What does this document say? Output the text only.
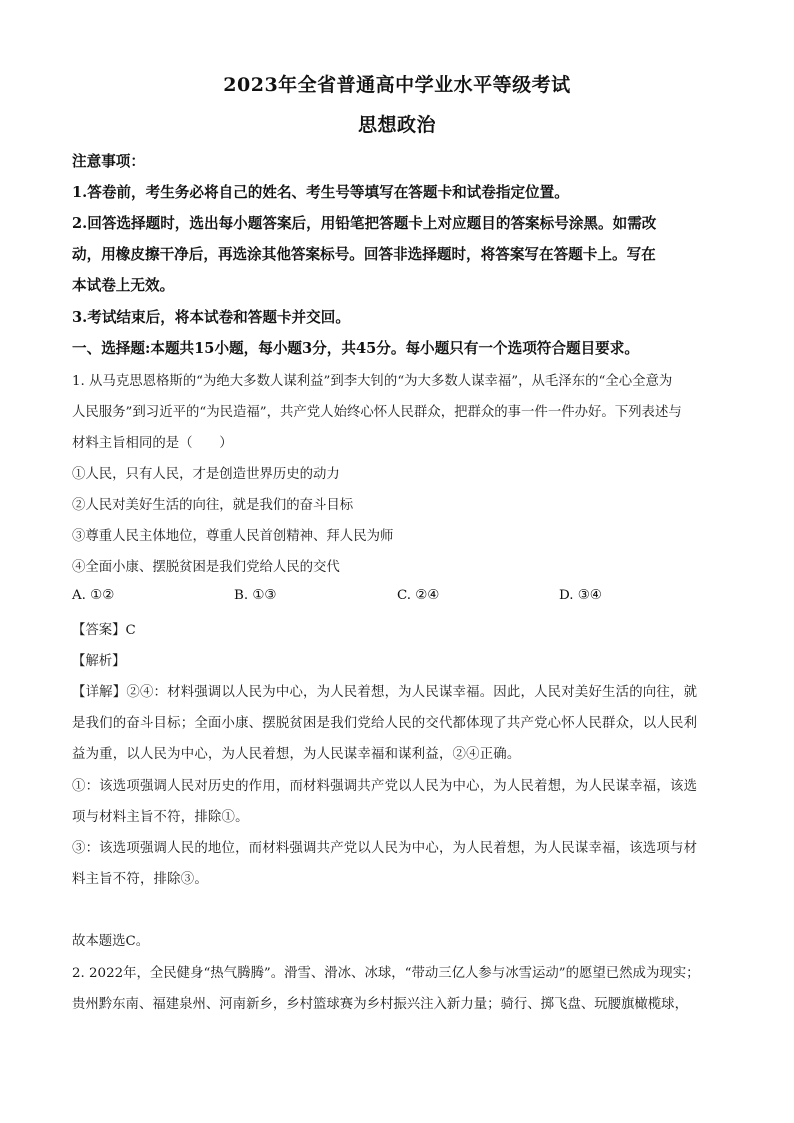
2023年全省普通高中学业水平等级考试
思想政治
注意事项：
1.答卷前，考生务必将自己的姓名、考生号等填写在答题卡和试卷指定位置。
2.回答选择题时，选出每小题答案后，用铅笔把答题卡上对应题目的答案标号涂黑。如需改
动，用橡皮擦干净后，再选涂其他答案标号。回答非选择题时，将答案写在答题卡上。写在
本试卷上无效。
3.考试结束后，将本试卷和答题卡并交回。
一、选择题:本题共15小题，每小题3分，共45分。每小题只有一个选项符合题目要求。
1. 从马克思恩格斯的“为绝大多数人谋利益”到李大钊的“为大多数人谋幸福”，从毛泽东的“全心全意为
人民服务”到习近平的“为民造福”，共产党人始终心怀人民群众，把群众的事一件一件办好。下列表述与
材料主旨相同的是（　　）
①人民，只有人民，才是创造世界历史的动力
②人民对美好生活的向往，就是我们的奋斗目标
③尊重人民主体地位，尊重人民首创精神、拜人民为师
④全面小康、摆脱贫困是我们党给人民的交代
A. ①②	B. ①③	C. ②④	D. ③④
【答案】C
【解析】
【详解】②④：材料强调以人民为中心，为人民着想，为人民谋幸福。因此，人民对美好生活的向往，就
是我们的奋斗目标；全面小康、摆脱贫困是我们党给人民的交代都体现了共产党心怀人民群众，以人民利
益为重，以人民为中心，为人民着想，为人民谋幸福和谋利益，②④正确。
①：该选项强调人民对历史的作用，而材料强调共产党以人民为中心，为人民着想，为人民谋幸福，该选
项与材料主旨不符，排除①。
③：该选项强调人民的地位，而材料强调共产党以人民为中心，为人民着想，为人民谋幸福，该选项与材
料主旨不符，排除③。
故本题选C。
2. 2022年，全民健身“热气腾腾”。滑雪、滑冰、冰球，“带动三亿人参与冰雪运动”的愿望已然成为现实；
贵州黔东南、福建泉州、河南新乡，乡村篮球赛为乡村振兴注入新力量；骑行、掷飞盘、玩腰旗橄榄球，
